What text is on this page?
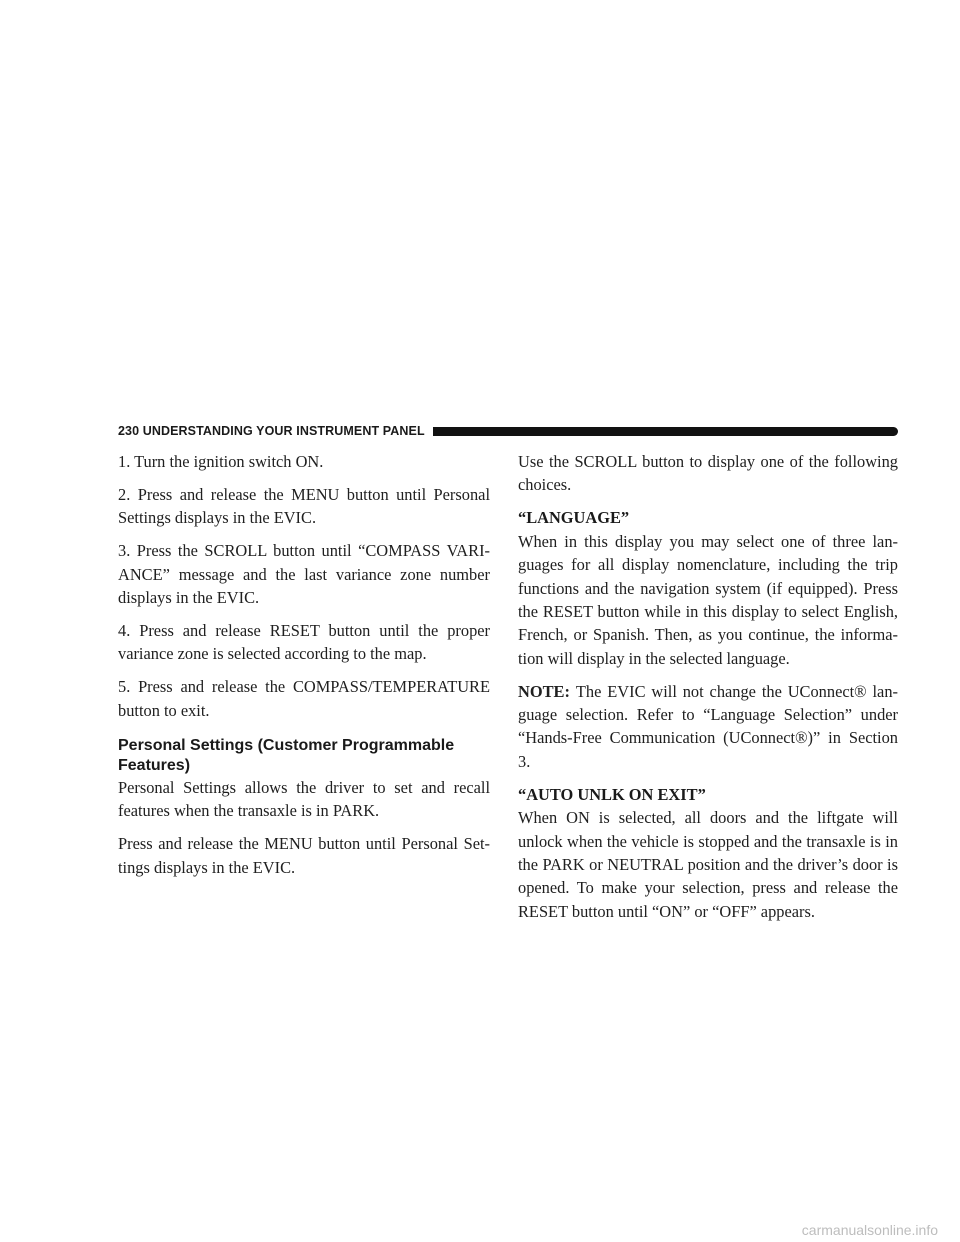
230 UNDERSTANDING YOUR INSTRUMENT PANEL

1. Turn the ignition switch ON.

2. Press and release the MENU button until Personal Settings displays in the EVIC.

3. Press the SCROLL button until “COMPASS VARIANCE” message and the last variance zone number displays in the EVIC.

4. Press and release RESET button until the proper variance zone is selected according to the map.

5. Press and release the COMPASS/TEMPERATURE button to exit.

Personal Settings (Customer Programmable Features)

Personal Settings allows the driver to set and recall features when the transaxle is in PARK.

Press and release the MENU button until Personal Settings displays in the EVIC.

Use the SCROLL button to display one of the following choices.

“LANGUAGE”

When in this display you may select one of three languages for all display nomenclature, including the trip functions and the navigation system (if equipped). Press the RESET button while in this display to select English, French, or Spanish. Then, as you continue, the information will display in the selected language.

NOTE: The EVIC will not change the UConnect® language selection. Refer to “Language Selection” under “Hands-Free Communication (UConnect®)” in Section 3.

“AUTO UNLK ON EXIT”

When ON is selected, all doors and the liftgate will unlock when the vehicle is stopped and the transaxle is in the PARK or NEUTRAL position and the driver’s door is opened. To make your selection, press and release the RESET button until “ON” or “OFF” appears.

carmanualsonline.info
